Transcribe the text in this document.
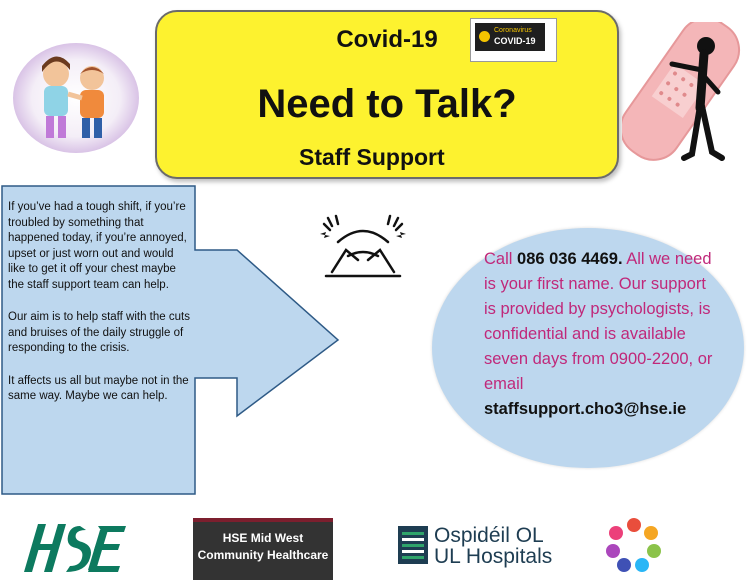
Covid-19
Need to Talk?
Staff Support
Coronavirus
COVID-19

If you’ve had a tough shift, if you’re troubled by something that happened today, if you’re annoyed, upset or just worn out and would like to get it off your chest maybe the staff support team can help.

Our aim is to help staff with the cuts and bruises of the daily struggle of responding to the crisis.

It affects us all but maybe not in the same way. Maybe we can help.

Call 086 036 4469. All we need is your first name. Our support is provided by psychologists, is confidential and is available seven days from 0900-2200, or email staffsupport.cho3@hse.ie
HSE Mid West
Community Healthcare
Ospidéil OL
UL Hospitals
